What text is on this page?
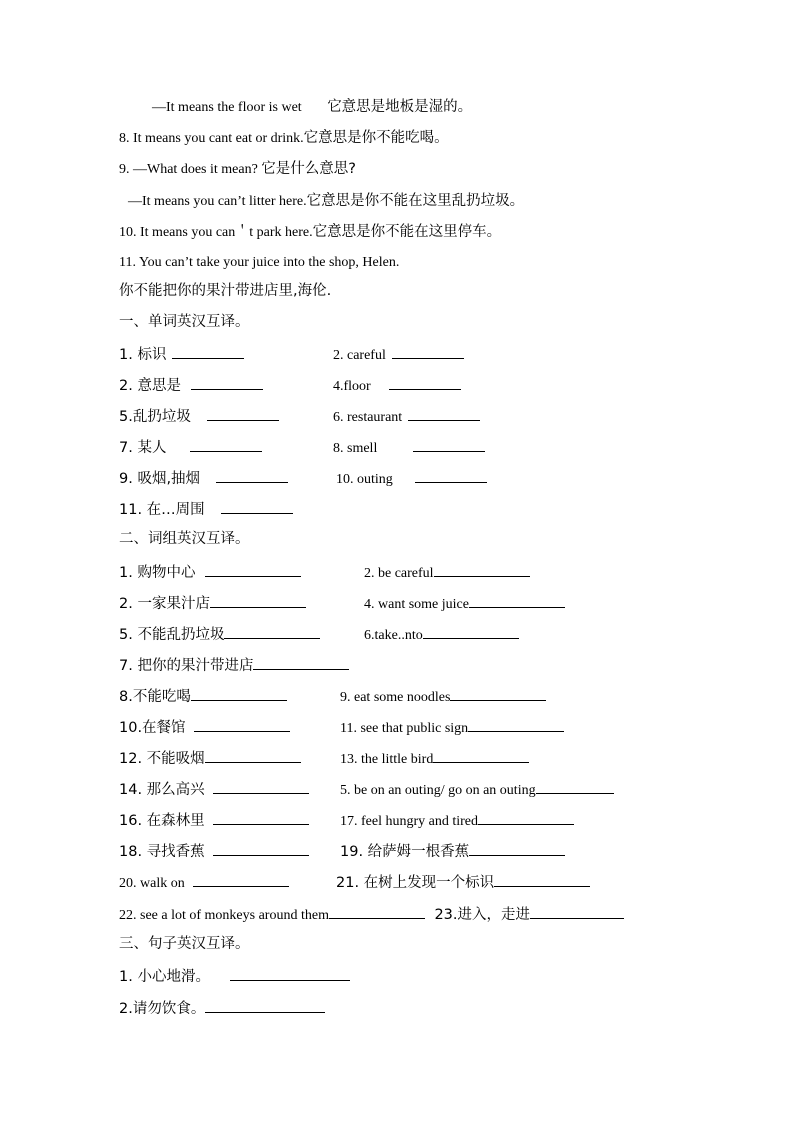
—It means the floor is wet 它意思是地板是湿的。
8. It means you cant eat or drink.它意思是你不能吃喝。
9. —What does it mean? 它是什么意思?
—It means you can’t litter here.它意思是你不能在这里乱扔垃圾。
10. It means you can＇t park here.它意思是你不能在这里停车。
11. You can’t take your juice into the shop, Helen.
你不能把你的果汁带进店里,海伦.
一、单词英汉互译。
1. 标识	2. careful
2. 意思是	4.floor
5.乱扔垃圾	6. restaurant
7. 某人	8. smell
9. 吸烟,抽烟	10. outing
11. 在…周围
二、词组英汉互译。
1. 购物中心	2. be careful
2. 一家果汁店	4. want some juice
5. 不能乱扔垃圾	6.take..nto
7. 把你的果汁带进店
8.不能吃喝	9. eat some noodles
10.在餐馆	11. see that public sign
12. 不能吸烟	13. the little bird
14. 那么高兴	5. be on an outing/ go on an outing
16. 在森林里	17. feel hungry and tired
18. 寻找香蕉	19. 给萨姆一根香蕉
20. walk on	21. 在树上发现一个标识
22. see a lot of monkeys around them	23.进入，走进
三、句子英汉互译。
1. 小心地滑。
2.请勿饮食。
